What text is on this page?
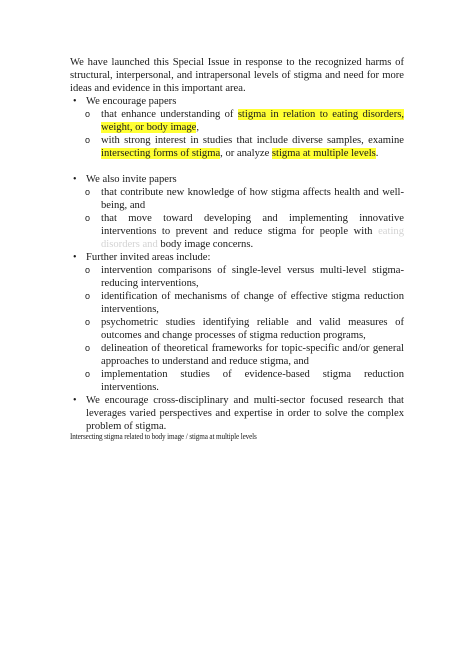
We have launched this Special Issue in response to the recognized harms of structural, interpersonal, and intrapersonal levels of stigma and need for more ideas and evidence in this important area.

• We encourage papers
o that enhance understanding of stigma in relation to eating disorders, weight, or body image,
o with strong interest in studies that include diverse samples, examine intersecting forms of stigma, or analyze stigma at multiple levels.
• We also invite papers
o that contribute new knowledge of how stigma affects health and well-being, and
o that move toward developing and implementing innovative interventions to prevent and reduce stigma for people with eating disorders and body image concerns.
• Further invited areas include:
o intervention comparisons of single-level versus multi-level stigma-reducing interventions,
o identification of mechanisms of change of effective stigma reduction interventions,
o psychometric studies identifying reliable and valid measures of outcomes and change processes of stigma reduction programs,
o delineation of theoretical frameworks for topic-specific and/or general approaches to understand and reduce stigma, and
o implementation studies of evidence-based stigma reduction interventions.
• We encourage cross-disciplinary and multi-sector focused research that leverages varied perspectives and expertise in order to solve the complex problem of stigma.
Intersecting stigma related to body image / stigma at multiple levels
